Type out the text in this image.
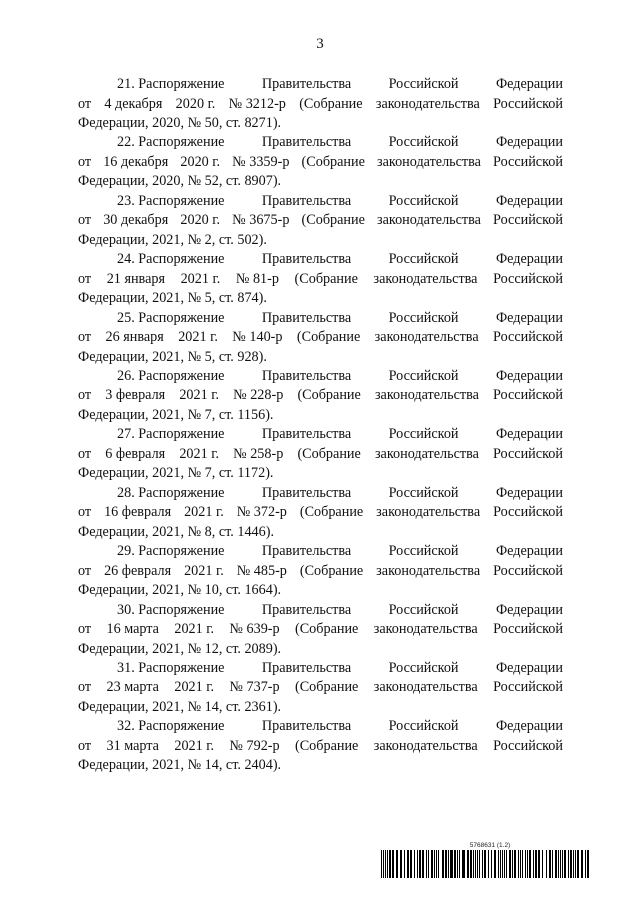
3
21. Распоряжение	Правительства	Российской	Федерации
от 4 декабря 2020 г. № 3212-р (Собрание законодательства Российской
Федерации, 2020, № 50, ст. 8271).
22. Распоряжение	Правительства	Российской	Федерации
от 16 декабря 2020 г. № 3359-р (Собрание законодательства Российской
Федерации, 2020, № 52, ст. 8907).
23. Распоряжение	Правительства	Российской	Федерации
от 30 декабря 2020 г. № 3675-р (Собрание законодательства Российской
Федерации, 2021, № 2, ст. 502).
24. Распоряжение	Правительства	Российской	Федерации
от 21 января 2021 г. № 81-р (Собрание законодательства Российской
Федерации, 2021, № 5, ст. 874).
25. Распоряжение	Правительства	Российской	Федерации
от 26 января 2021 г. № 140-р (Собрание законодательства Российской
Федерации, 2021, № 5, ст. 928).
26. Распоряжение	Правительства	Российской	Федерации
от 3 февраля 2021 г. № 228-р (Собрание законодательства Российской
Федерации, 2021, № 7, ст. 1156).
27. Распоряжение	Правительства	Российской	Федерации
от 6 февраля 2021 г. № 258-р (Собрание законодательства Российской
Федерации, 2021, № 7, ст. 1172).
28. Распоряжение	Правительства	Российской	Федерации
от 16 февраля 2021 г. № 372-р (Собрание законодательства Российской
Федерации, 2021, № 8, ст. 1446).
29. Распоряжение	Правительства	Российской	Федерации
от 26 февраля 2021 г. № 485-р (Собрание законодательства Российской
Федерации, 2021, № 10, ст. 1664).
30. Распоряжение	Правительства	Российской	Федерации
от 16 марта 2021 г. № 639-р (Собрание законодательства Российской
Федерации, 2021, № 12, ст. 2089).
31. Распоряжение	Правительства	Российской	Федерации
от 23 марта 2021 г. № 737-р (Собрание законодательства Российской
Федерации, 2021, № 14, ст. 2361).
32. Распоряжение	Правительства	Российской	Федерации
от 31 марта 2021 г. № 792-р (Собрание законодательства Российской
Федерации, 2021, № 14, ст. 2404).
5768631 (1.2)
